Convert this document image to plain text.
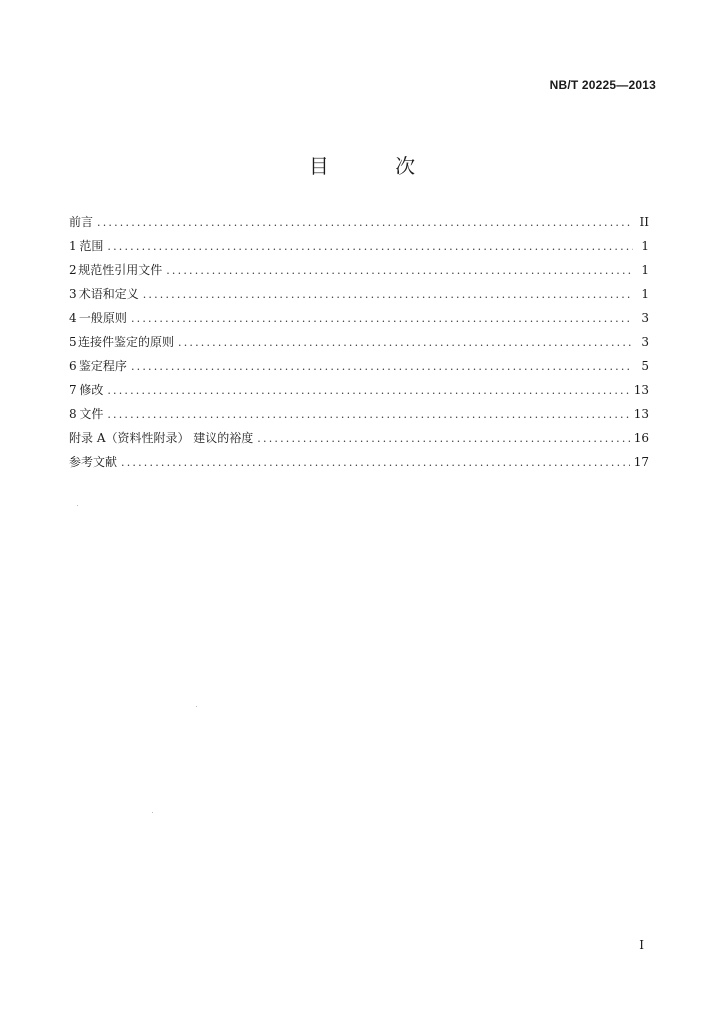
NB/T 20225—2013
目 次
前言 .....	II
1 范围 .....	1
2 规范性引用文件 .....	1
3 术语和定义 .....	1
4 一般原则 .....	3
5 连接件鉴定的原则 .....	3
6 鉴定程序 .....	5
7 修改 .....	13
8 文件 .....	13
附录 A（资料性附录） 建议的裕度 .....	16
参考文献 .....	17
I
